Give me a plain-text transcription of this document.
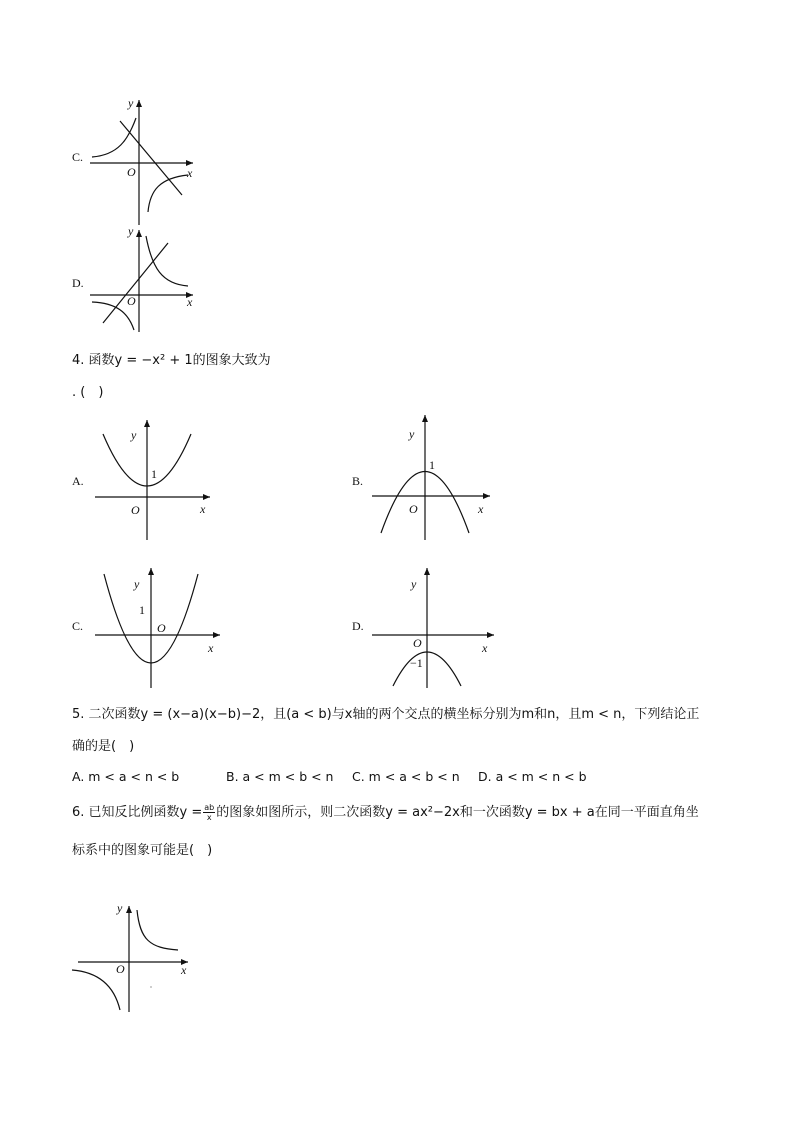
C.
y
x
O
D.
y
x
O
4. 函数y = −x² + 1的图象大致为
. (　)
A.
y
x
O
1	B.
y
x
O
1
C.
y
x
O
1
D.
y
x
O
−1
5. 二次函数y = (x−a)(x−b)−2，且(a < b)与x轴的两个交点的横坐标分别为m和n，且m < n，下列结论正
确的是(　)
A. m < a < n < b	B. a < m < b < n C. m < a < b < n D. a < m < n < b
6. 已知反比例函数$y = \frac{ab}{x}$ 的图象如图所示，则二次函数y = ax²−2x和一次函数y = bx + a在同一平面直角坐
标系中的图象可能是(　)
y
x
O
